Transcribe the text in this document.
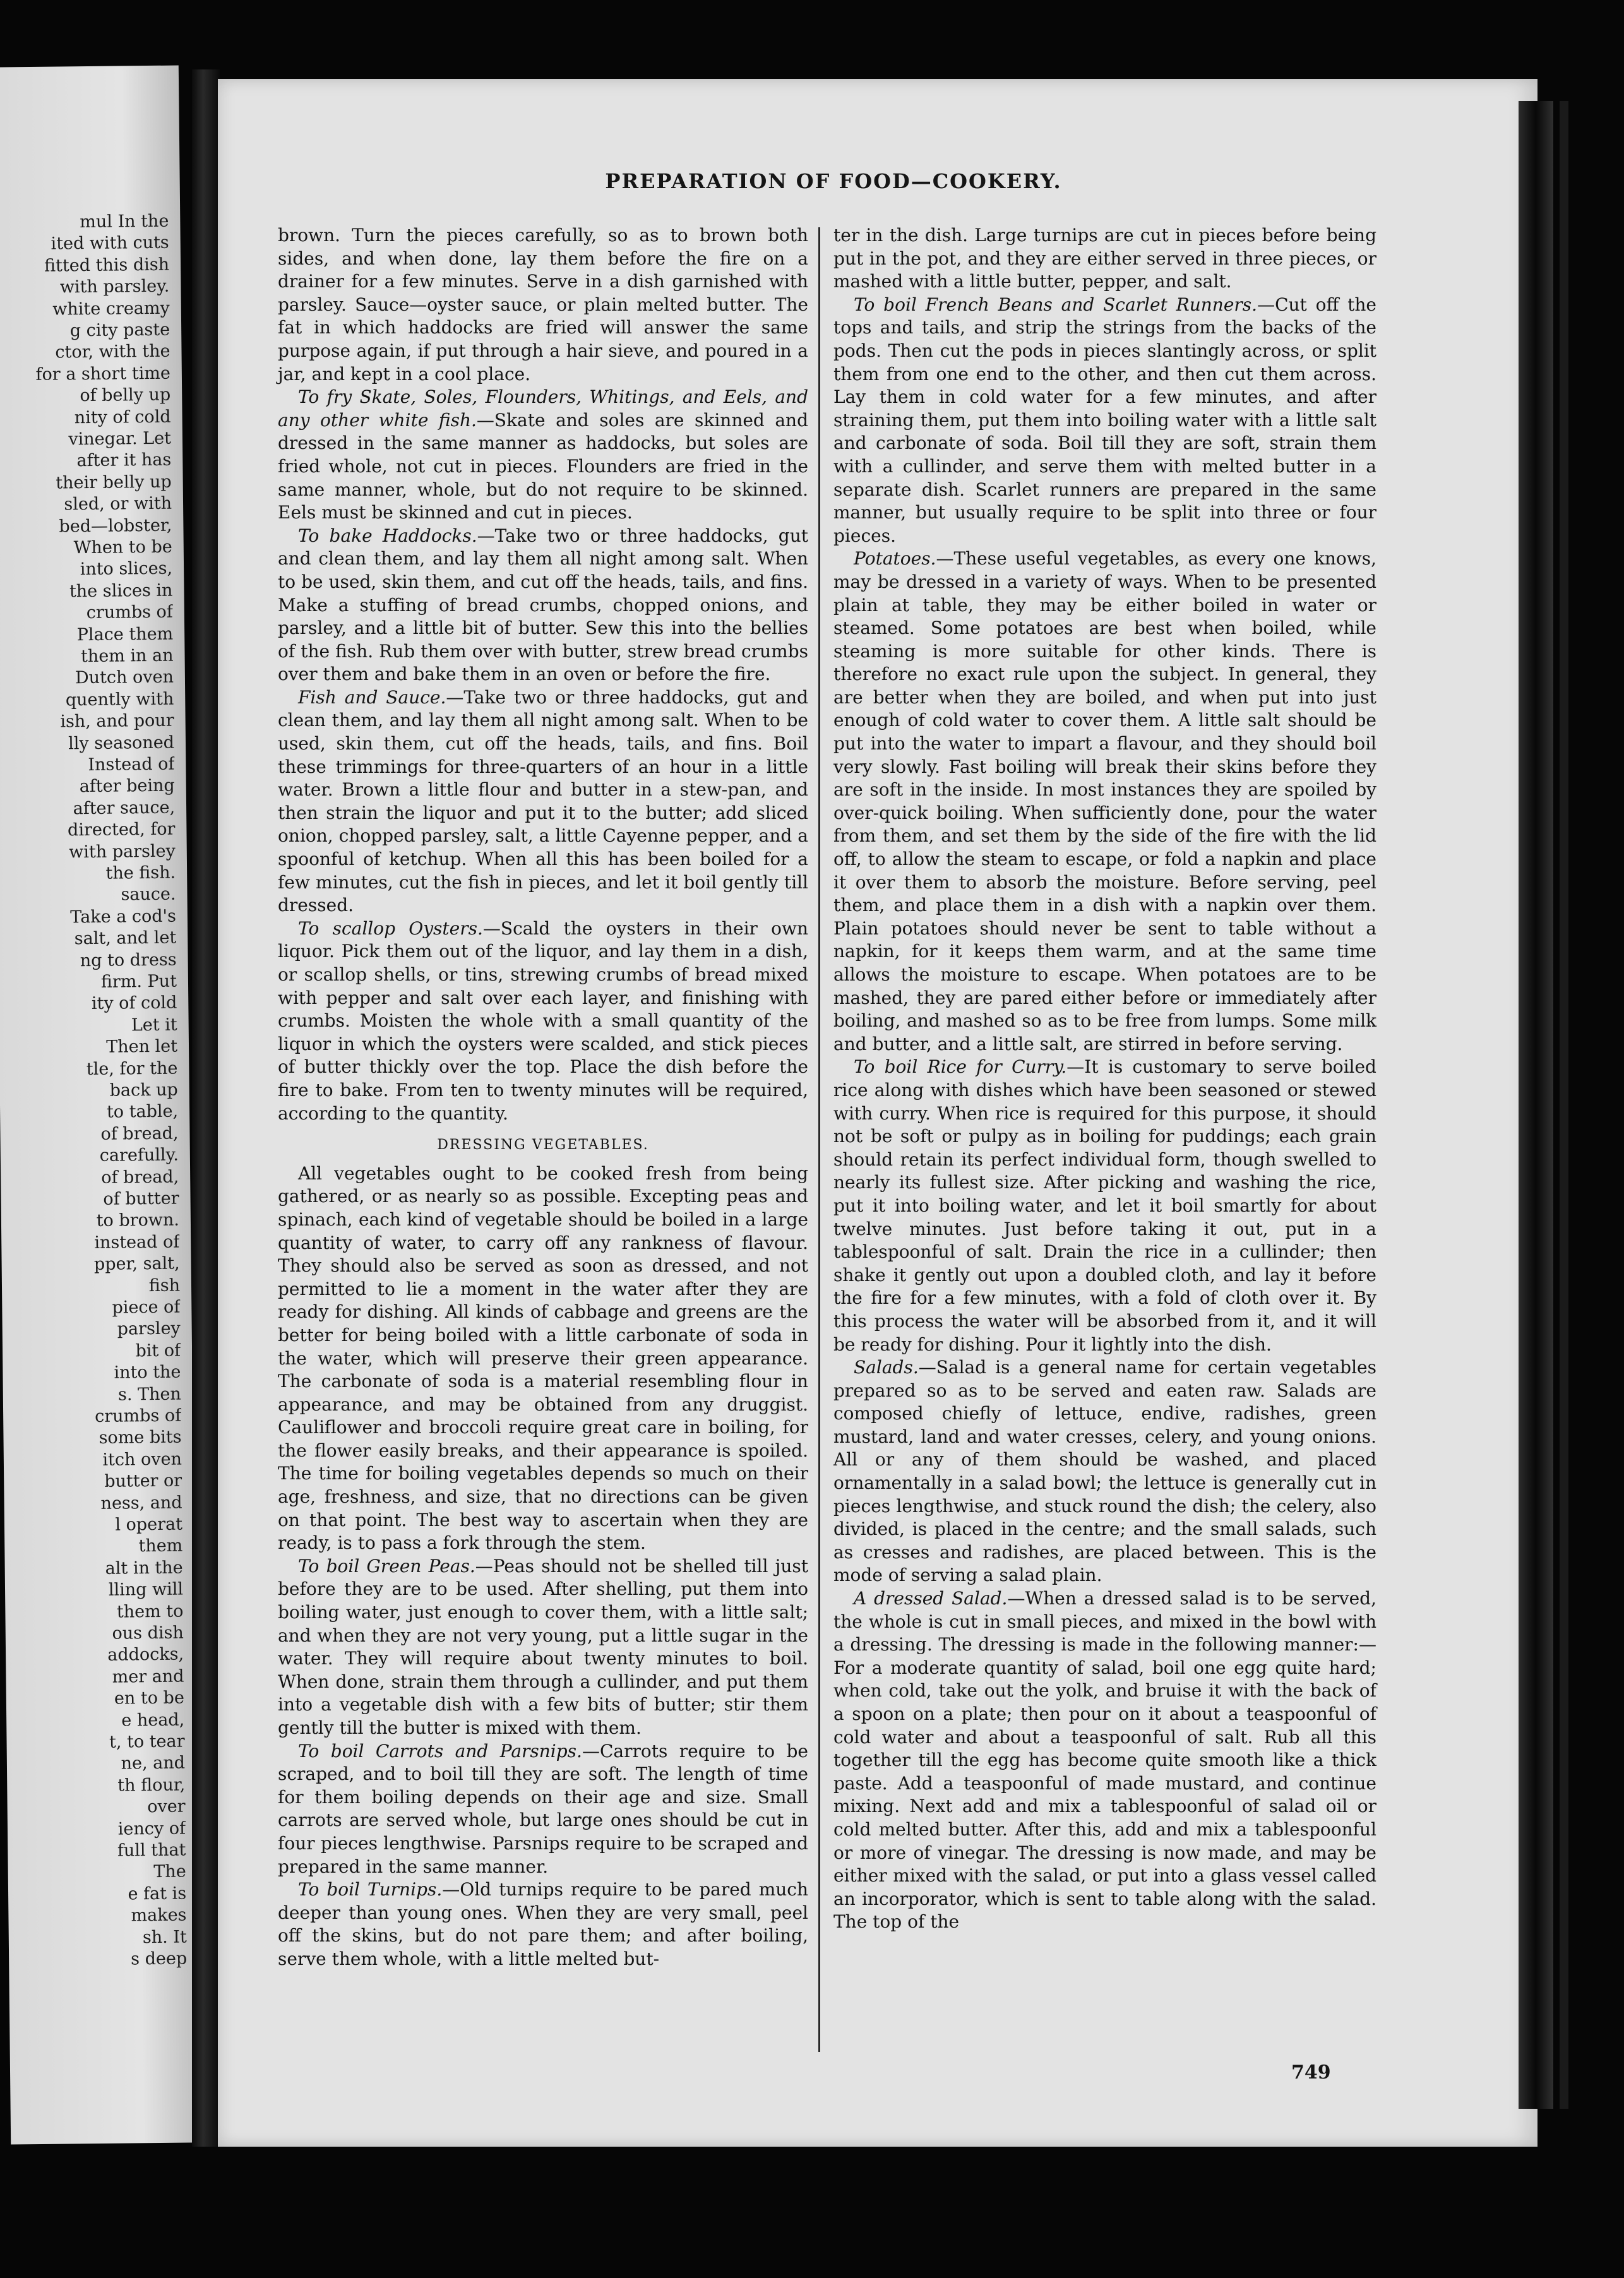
mul In the
ited with cuts
fitted this dish
with parsley.
white creamy
g city paste
ctor, with the
for a short time
of belly up
nity of cold
vinegar. Let
after it has
their belly up
sled, or with
bed—lobster,
When to be
into slices,
the slices in
crumbs of
Place them
them in an
Dutch oven
quently with
ish, and pour
lly seasoned
Instead of
after being
after sauce,
directed, for
with parsley
the fish.
sauce.
Take a cod's
salt, and let
ng to dress
firm. Put
ity of cold
Let it
Then let
tle, for the
back up
to table,
of bread,
carefully.
of bread,
of butter
to brown.
instead of
pper, salt,
fish
piece of
parsley
bit of
into the
s. Then
crumbs of
some bits
itch oven
butter or
ness, and
l operat
them
alt in the
lling will
them to
ous dish
addocks,
mer and
en to be
e head,
t, to tear
ne, and
th flour,
over
iency of
full that
The
e fat is
makes
sh. It
s deep
PREPARATION OF FOOD—COOKERY.

brown. Turn the pieces carefully, so as to brown both sides, and when done, lay them before the fire on a drainer for a few minutes. Serve in a dish garnished with parsley. Sauce—oyster sauce, or plain melted butter. The fat in which haddocks are fried will answer the same purpose again, if put through a hair sieve, and poured in a jar, and kept in a cool place.

To fry Skate, Soles, Flounders, Whitings, and Eels, and any other white fish.—Skate and soles are skinned and dressed in the same manner as haddocks, but soles are fried whole, not cut in pieces. Flounders are fried in the same manner, whole, but do not require to be skinned. Eels must be skinned and cut in pieces.

To bake Haddocks.—Take two or three haddocks, gut and clean them, and lay them all night among salt. When to be used, skin them, and cut off the heads, tails, and fins. Make a stuffing of bread crumbs, chopped onions, and parsley, and a little bit of butter. Sew this into the bellies of the fish. Rub them over with butter, strew bread crumbs over them and bake them in an oven or before the fire.

Fish and Sauce.—Take two or three haddocks, gut and clean them, and lay them all night among salt. When to be used, skin them, cut off the heads, tails, and fins. Boil these trimmings for three-quarters of an hour in a little water. Brown a little flour and butter in a stew-pan, and then strain the liquor and put it to the butter; add sliced onion, chopped parsley, salt, a little Cayenne pepper, and a spoonful of ketchup. When all this has been boiled for a few minutes, cut the fish in pieces, and let it boil gently till dressed.

To scallop Oysters.—Scald the oysters in their own liquor. Pick them out of the liquor, and lay them in a dish, or scallop shells, or tins, strewing crumbs of bread mixed with pepper and salt over each layer, and finishing with crumbs. Moisten the whole with a small quantity of the liquor in which the oysters were scalded, and stick pieces of butter thickly over the top. Place the dish before the fire to bake. From ten to twenty minutes will be required, according to the quantity.

DRESSING VEGETABLES.

All vegetables ought to be cooked fresh from being gathered, or as nearly so as possible. Excepting peas and spinach, each kind of vegetable should be boiled in a large quantity of water, to carry off any rankness of flavour. They should also be served as soon as dressed, and not permitted to lie a moment in the water after they are ready for dishing. All kinds of cabbage and greens are the better for being boiled with a little carbonate of soda in the water, which will preserve their green appearance. The carbonate of soda is a material resembling flour in appearance, and may be obtained from any druggist. Cauliflower and broccoli require great care in boiling, for the flower easily breaks, and their appearance is spoiled. The time for boiling vegetables depends so much on their age, freshness, and size, that no directions can be given on that point. The best way to ascertain when they are ready, is to pass a fork through the stem.

To boil Green Peas.—Peas should not be shelled till just before they are to be used. After shelling, put them into boiling water, just enough to cover them, with a little salt; and when they are not very young, put a little sugar in the water. They will require about twenty minutes to boil. When done, strain them through a cullinder, and put them into a vegetable dish with a few bits of butter; stir them gently till the butter is mixed with them.

To boil Carrots and Parsnips.—Carrots require to be scraped, and to boil till they are soft. The length of time for them boiling depends on their age and size. Small carrots are served whole, but large ones should be cut in four pieces lengthwise. Parsnips require to be scraped and prepared in the same manner.

To boil Turnips.—Old turnips require to be pared much deeper than young ones. When they are very small, peel off the skins, but do not pare them; and after boiling, serve them whole, with a little melted but-

ter in the dish. Large turnips are cut in pieces before being put in the pot, and they are either served in three pieces, or mashed with a little butter, pepper, and salt.

To boil French Beans and Scarlet Runners.—Cut off the tops and tails, and strip the strings from the backs of the pods. Then cut the pods in pieces slantingly across, or split them from one end to the other, and then cut them across. Lay them in cold water for a few minutes, and after straining them, put them into boiling water with a little salt and carbonate of soda. Boil till they are soft, strain them with a cullinder, and serve them with melted butter in a separate dish. Scarlet runners are prepared in the same manner, but usually require to be split into three or four pieces.

Potatoes.—These useful vegetables, as every one knows, may be dressed in a variety of ways. When to be presented plain at table, they may be either boiled in water or steamed. Some potatoes are best when boiled, while steaming is more suitable for other kinds. There is therefore no exact rule upon the subject. In general, they are better when they are boiled, and when put into just enough of cold water to cover them. A little salt should be put into the water to impart a flavour, and they should boil very slowly. Fast boiling will break their skins before they are soft in the inside. In most instances they are spoiled by over-quick boiling. When sufficiently done, pour the water from them, and set them by the side of the fire with the lid off, to allow the steam to escape, or fold a napkin and place it over them to absorb the moisture. Before serving, peel them, and place them in a dish with a napkin over them. Plain potatoes should never be sent to table without a napkin, for it keeps them warm, and at the same time allows the moisture to escape. When potatoes are to be mashed, they are pared either before or immediately after boiling, and mashed so as to be free from lumps. Some milk and butter, and a little salt, are stirred in before serving.

To boil Rice for Curry.—It is customary to serve boiled rice along with dishes which have been seasoned or stewed with curry. When rice is required for this purpose, it should not be soft or pulpy as in boiling for puddings; each grain should retain its perfect individual form, though swelled to nearly its fullest size. After picking and washing the rice, put it into boiling water, and let it boil smartly for about twelve minutes. Just before taking it out, put in a tablespoonful of salt. Drain the rice in a cullinder; then shake it gently out upon a doubled cloth, and lay it before the fire for a few minutes, with a fold of cloth over it. By this process the water will be absorbed from it, and it will be ready for dishing. Pour it lightly into the dish.

Salads.—Salad is a general name for certain vegetables prepared so as to be served and eaten raw. Salads are composed chiefly of lettuce, endive, radishes, green mustard, land and water cresses, celery, and young onions. All or any of them should be washed, and placed ornamentally in a salad bowl; the lettuce is generally cut in pieces lengthwise, and stuck round the dish; the celery, also divided, is placed in the centre; and the small salads, such as cresses and radishes, are placed between. This is the mode of serving a salad plain.

A dressed Salad.—When a dressed salad is to be served, the whole is cut in small pieces, and mixed in the bowl with a dressing. The dressing is made in the following manner:—For a moderate quantity of salad, boil one egg quite hard; when cold, take out the yolk, and bruise it with the back of a spoon on a plate; then pour on it about a teaspoonful of cold water and about a teaspoonful of salt. Rub all this together till the egg has become quite smooth like a thick paste. Add a teaspoonful of made mustard, and continue mixing. Next add and mix a tablespoonful of salad oil or cold melted butter. After this, add and mix a tablespoonful or more of vinegar. The dressing is now made, and may be either mixed with the salad, or put into a glass vessel called an incorporator, which is sent to table along with the salad. The top of the

749
